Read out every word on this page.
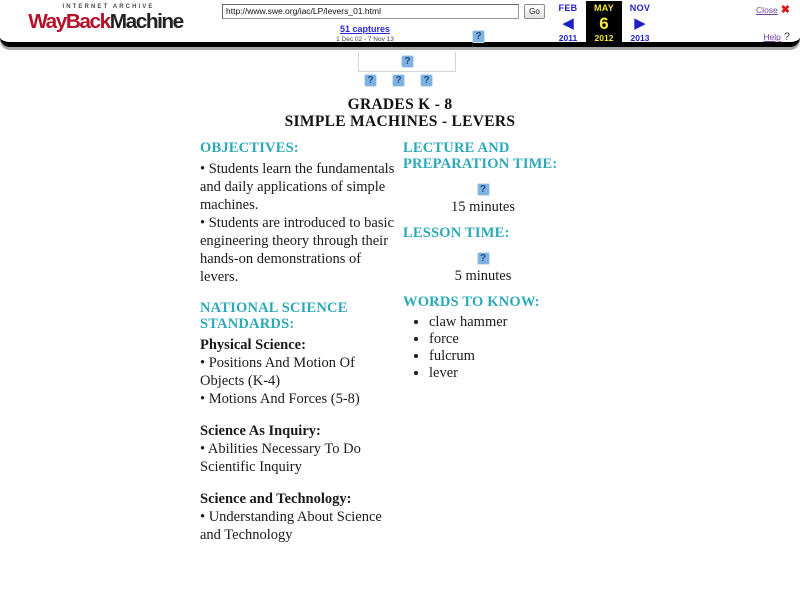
INTERNET ARCHIVE
WayBackMachine	http://www.swe.org/iac/LP/levers_01.html	Go
51 captures
1 Dec 02 - 7 Nov 13
?
FEB
◀
2011
MAY
6
2012
NOV
▶
2013
Close ✖
Help ?
?
?
?
?
GRADES K - 8
SIMPLE MACHINES - LEVERS
OBJECTIVES:

• Students learn the fundamentals and daily applications of simple machines.

• Students are introduced to basic engineering theory through their hands-on demonstrations of levers.

NATIONAL SCIENCE STANDARDS:
Physical Science:

• Positions And Motion Of Objects (K-4)

• Motions And Forces (5-8)

Science As Inquiry:

• Abilities Necessary To Do Scientific Inquiry

Science and Technology:

• Understanding About Science and Technology

LECTURE AND PREPARATION TIME:
?
15 minutes
LESSON TIME:
?
5 minutes
WORDS TO KNOW:
• claw hammer
• force
• fulcrum
• lever
